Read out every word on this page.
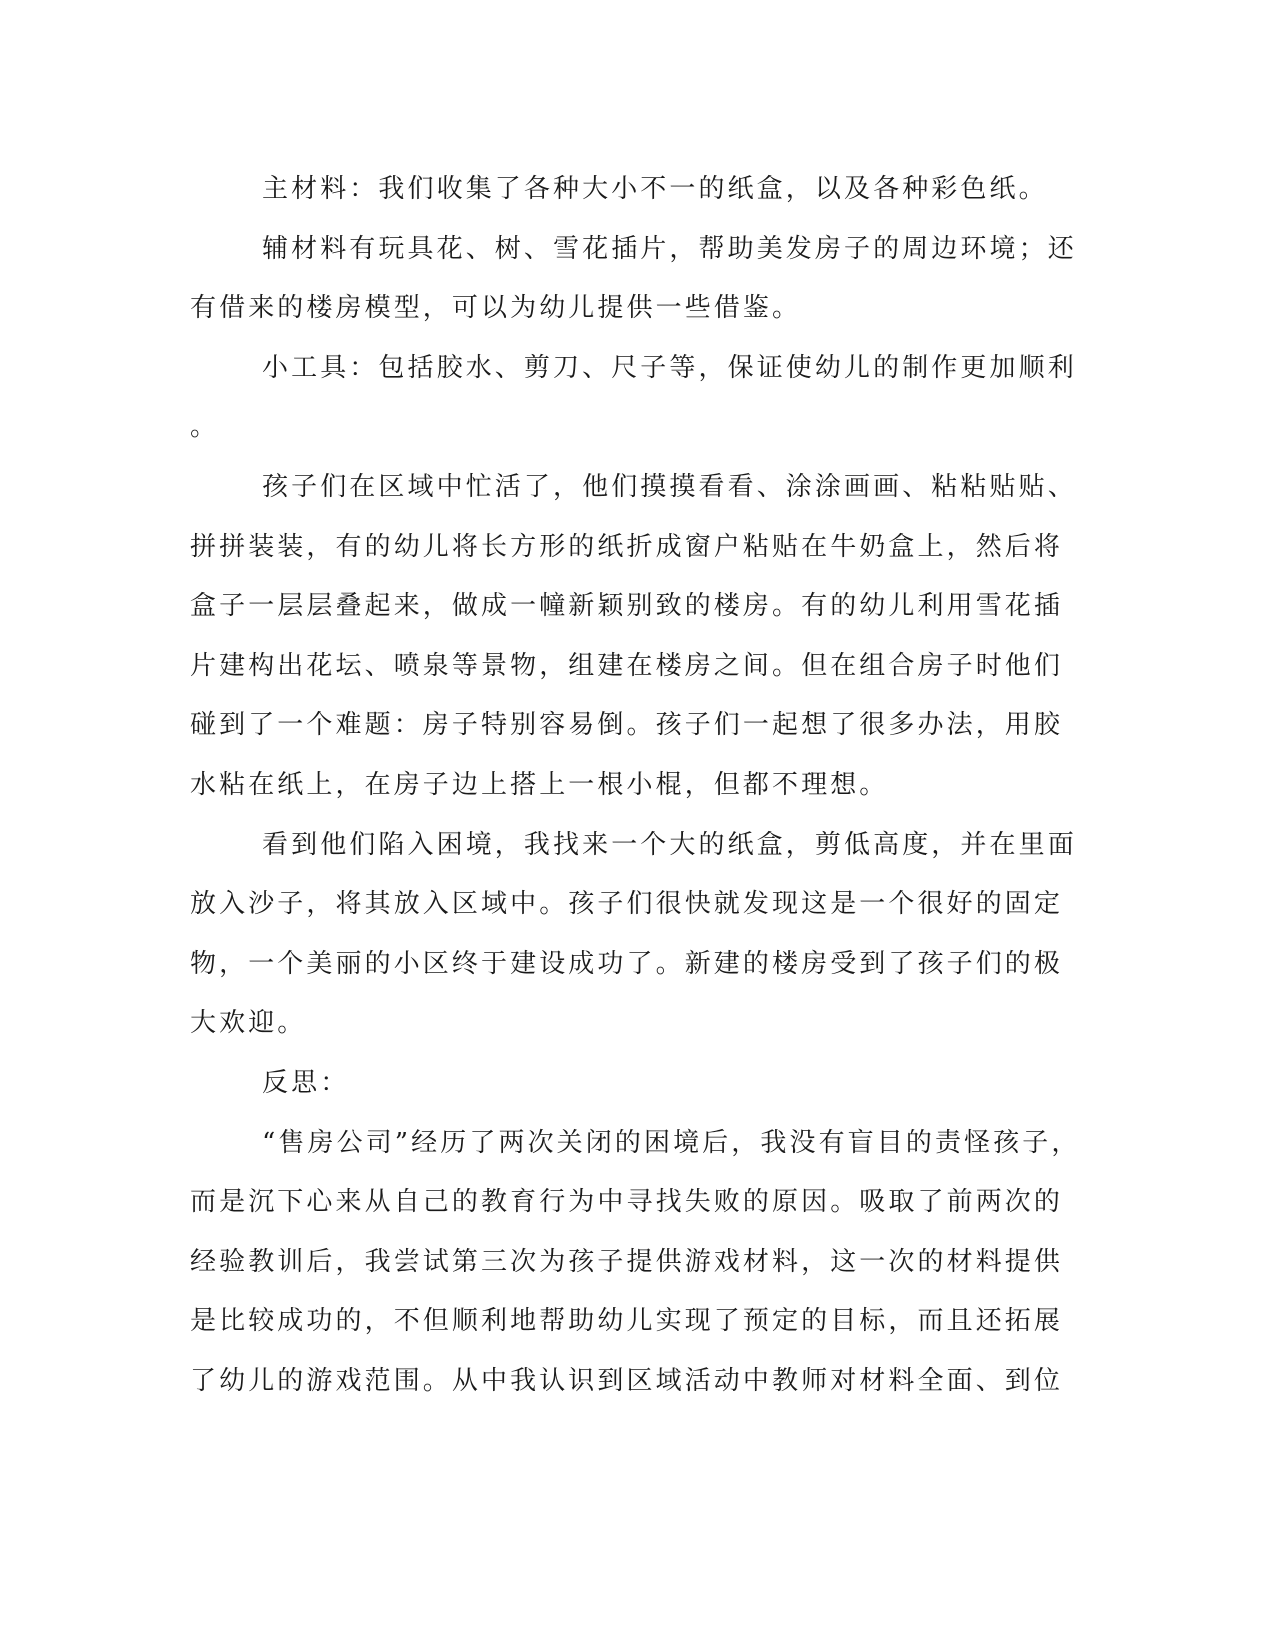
主材料：我们收集了各种大小不一的纸盒，以及各种彩色纸。
辅材料有玩具花、树、雪花插片，帮助美发房子的周边环境；还
有借来的楼房模型，可以为幼儿提供一些借鉴。
小工具：包括胶水、剪刀、尺子等，保证使幼儿的制作更加顺利
。
孩子们在区域中忙活了，他们摸摸看看、涂涂画画、粘粘贴贴、
拼拼装装，有的幼儿将长方形的纸折成窗户粘贴在牛奶盒上，然后将
盒子一层层叠起来，做成一幢新颖别致的楼房。有的幼儿利用雪花插
片建构出花坛、喷泉等景物，组建在楼房之间。但在组合房子时他们
碰到了一个难题：房子特别容易倒。孩子们一起想了很多办法，用胶
水粘在纸上，在房子边上搭上一根小棍，但都不理想。
看到他们陷入困境，我找来一个大的纸盒，剪低高度，并在里面
放入沙子，将其放入区域中。孩子们很快就发现这是一个很好的固定
物，一个美丽的小区终于建设成功了。新建的楼房受到了孩子们的极
大欢迎。
反思：
“售房公司”经历了两次关闭的困境后，我没有盲目的责怪孩子，
而是沉下心来从自己的教育行为中寻找失败的原因。吸取了前两次的
经验教训后，我尝试第三次为孩子提供游戏材料，这一次的材料提供
是比较成功的，不但顺利地帮助幼儿实现了预定的目标，而且还拓展
了幼儿的游戏范围。从中我认识到区域活动中教师对材料全面、到位
